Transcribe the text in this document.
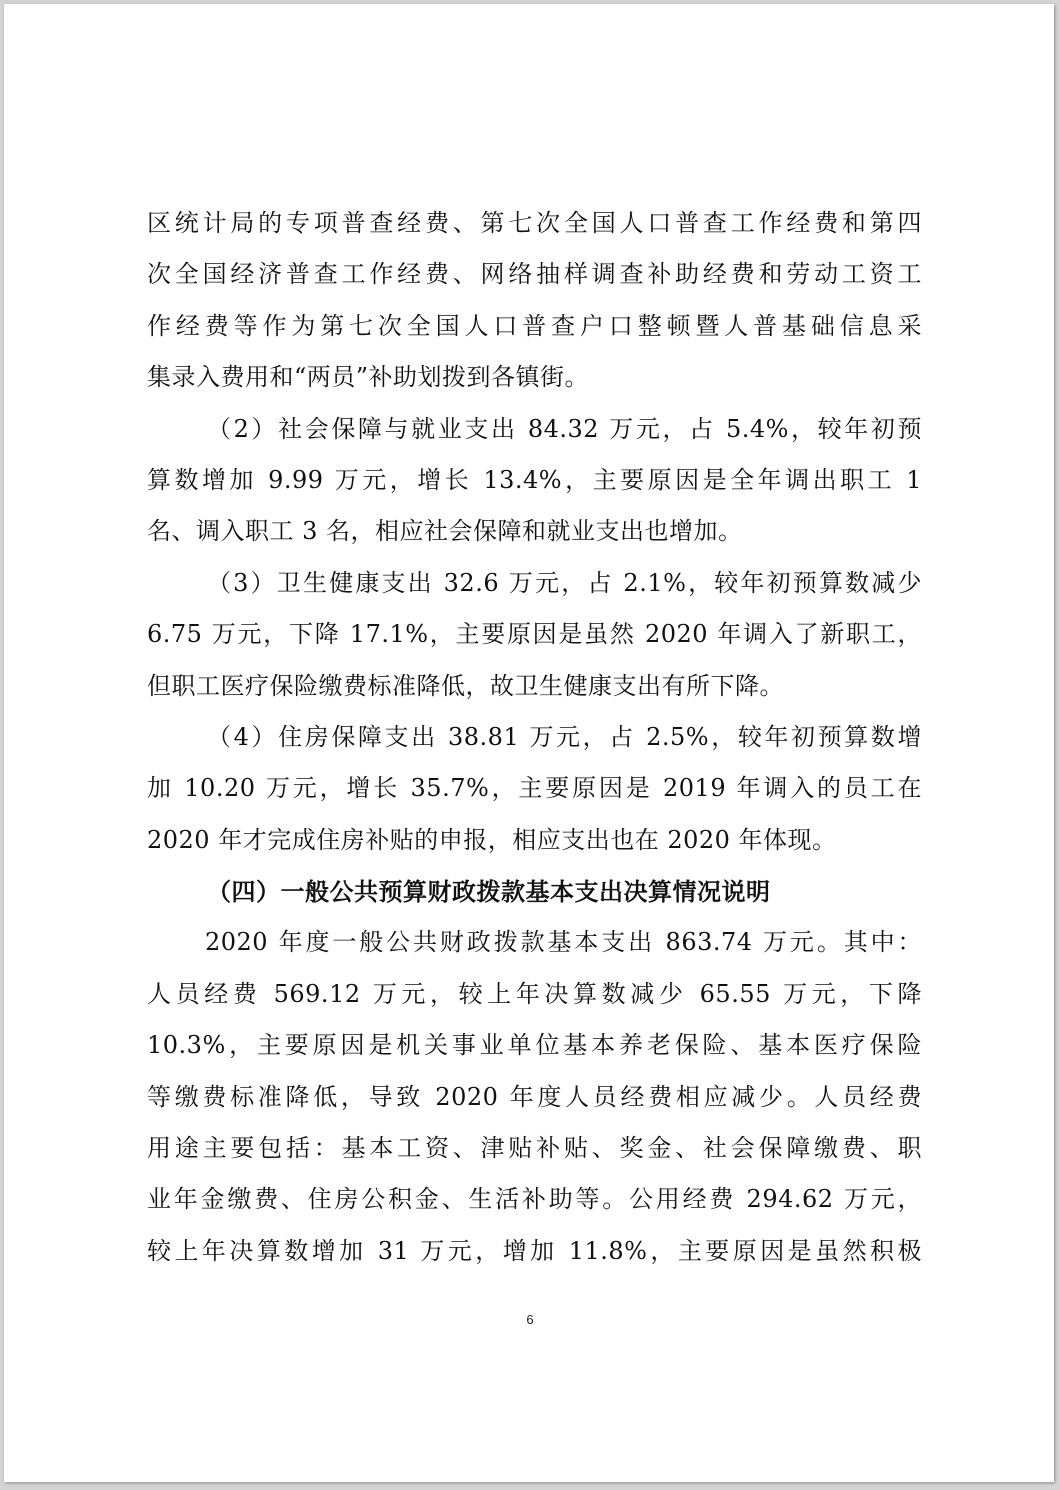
区统计局的专项普查经费、第七次全国人口普查工作经费和第四
次全国经济普查工作经费、网络抽样调查补助经费和劳动工资工
作经费等作为第七次全国人口普查户口整顿暨人普基础信息采
集录入费用和“两员”补助划拨到各镇街。
（2）社会保障与就业支出 84.32 万元，占 5.4%，较年初预
算数增加 9.99 万元，增长 13.4%，主要原因是全年调出职工 1
名、调入职工 3 名，相应社会保障和就业支出也增加。
（3）卫生健康支出 32.6 万元，占 2.1%，较年初预算数减少
6.75 万元，下降 17.1%，主要原因是虽然 2020 年调入了新职工，
但职工医疗保险缴费标准降低，故卫生健康支出有所下降。
（4）住房保障支出 38.81 万元，占 2.5%，较年初预算数增
加 10.20 万元，增长 35.7%，主要原因是 2019 年调入的员工在
2020 年才完成住房补贴的申报，相应支出也在 2020 年体现。
（四）一般公共预算财政拨款基本支出决算情况说明
2020 年度一般公共财政拨款基本支出 863.74 万元。其中：
人员经费 569.12 万元，较上年决算数减少 65.55 万元，下降
10.3%，主要原因是机关事业单位基本养老保险、基本医疗保险
等缴费标准降低，导致 2020 年度人员经费相应减少。人员经费
用途主要包括：基本工资、津贴补贴、奖金、社会保障缴费、职
业年金缴费、住房公积金、生活补助等。公用经费 294.62 万元，
较上年决算数增加 31 万元，增加 11.8%，主要原因是虽然积极
6
